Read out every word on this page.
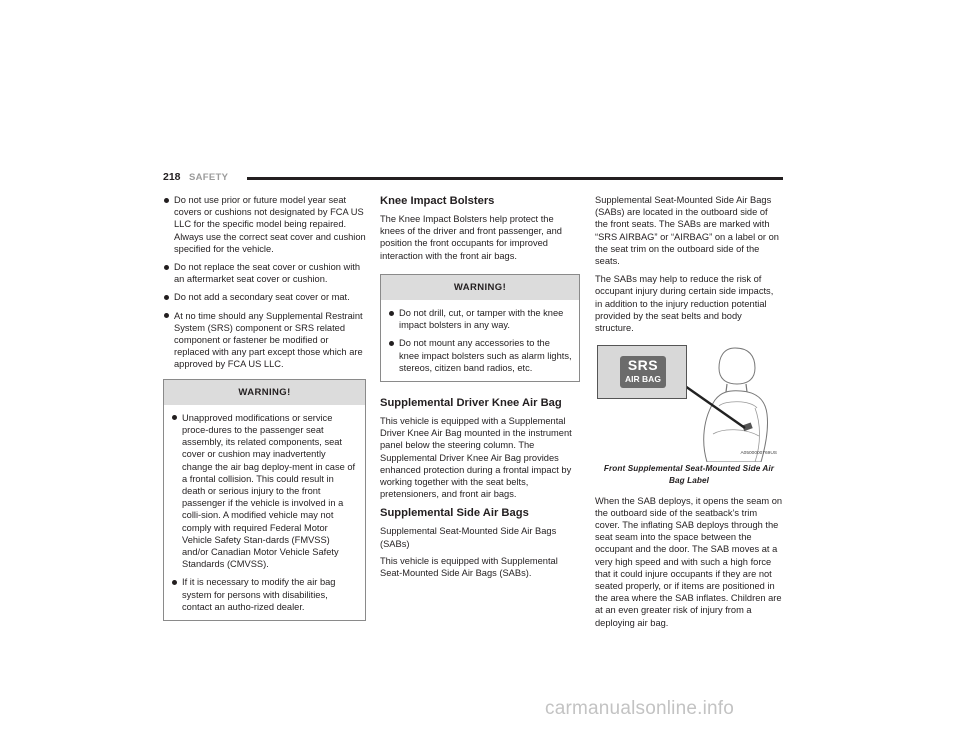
218 SAFETY
Do not use prior or future model year seat covers or cushions not designated by FCA US LLC for the specific model being repaired. Always use the correct seat cover and cushion specified for the vehicle.
Do not replace the seat cover or cushion with an aftermarket seat cover or cushion.
Do not add a secondary seat cover or mat.
At no time should any Supplemental Restraint System (SRS) component or SRS related component or fastener be modified or replaced with any part except those which are approved by FCA US LLC.
WARNING!
Unapproved modifications or service proce-dures to the passenger seat assembly, its related components, seat cover or cushion may inadvertently change the air bag deploy-ment in case of a frontal collision. This could result in death or serious injury to the front passenger if the vehicle is involved in a colli-sion. A modified vehicle may not comply with required Federal Motor Vehicle Safety Stan-dards (FMVSS) and/or Canadian Motor Vehicle Safety Standards (CMVSS).
If it is necessary to modify the air bag system for persons with disabilities, contact an autho-rized dealer.
Knee Impact Bolsters

The Knee Impact Bolsters help protect the knees of the driver and front passenger, and position the front occupants for improved interaction with the front air bags.

WARNING!
Do not drill, cut, or tamper with the knee impact bolsters in any way.
Do not mount any accessories to the knee impact bolsters such as alarm lights, stereos, citizen band radios, etc.
Supplemental Driver Knee Air Bag

This vehicle is equipped with a Supplemental Driver Knee Air Bag mounted in the instrument panel below the steering column. The Supplemental Driver Knee Air Bag provides enhanced protection during a frontal impact by working together with the seat belts, pretensioners, and front air bags.

Supplemental Side Air Bags
Supplemental Seat-Mounted Side Air Bags (SABs)

This vehicle is equipped with Supplemental Seat-Mounted Side Air Bags (SABs).

Supplemental Seat-Mounted Side Air Bags (SABs) are located in the outboard side of the front seats. The SABs are marked with “SRS AIRBAG” or “AIRBAG” on a label or on the seat trim on the outboard side of the seats.

The SABs may help to reduce the risk of occupant injury during certain side impacts, in addition to the injury reduction potential provided by the seat belts and body structure.

SRS
AIR BAG
A0500000769US
Front Supplemental Seat-Mounted Side Air Bag Label

When the SAB deploys, it opens the seam on the outboard side of the seatback’s trim cover. The inflating SAB deploys through the seat seam into the space between the occupant and the door. The SAB moves at a very high speed and with such a high force that it could injure occupants if they are not seated properly, or if items are positioned in the area where the SAB inflates. Children are at an even greater risk of injury from a deploying air bag.

carmanualsonline.info
